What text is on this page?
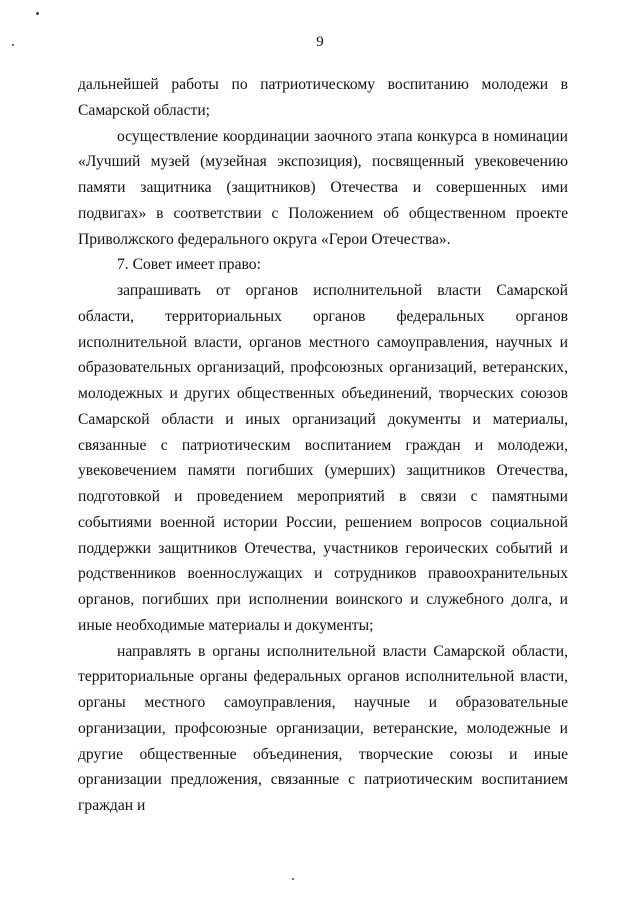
9

дальнейшей работы по патриотическому воспитанию молодежи в Самарской области;

осуществление координации заочного этапа конкурса в номинации «Лучший музей (музейная экспозиция), посвященный увековечению памяти защитника (защитников) Отечества и совершенных ими подвигах» в соответствии с Положением об общественном проекте Приволжского федерального округа «Герои Отечества».

7. Совет имеет право:

запрашивать от органов исполнительной власти Самарской области, территориальных органов федеральных органов исполнительной власти, органов местного самоуправления, научных и образовательных организаций, профсоюзных организаций, ветеранских, молодежных и других общественных объединений, творческих союзов Самарской области и иных организаций документы и материалы, связанные с патриотическим воспитанием граждан и молодежи, увековечением памяти погибших (умерших) защитников Отечества, подготовкой и проведением мероприятий в связи с памятными событиями военной истории России, решением вопросов социальной поддержки защитников Отечества, участников героических событий и родственников военнослужащих и сотрудников правоохранительных органов, погибших при исполнении воинского и служебного долга, и иные необходимые материалы и документы;

направлять в органы исполнительной власти Самарской области, территориальные органы федеральных органов исполнительной власти, органы местного самоуправления, научные и образовательные организации, профсоюзные организации, ветеранские, молодежные и другие общественные объединения, творческие союзы и иные организации предложения, связанные с патриотическим воспитанием граждан и
